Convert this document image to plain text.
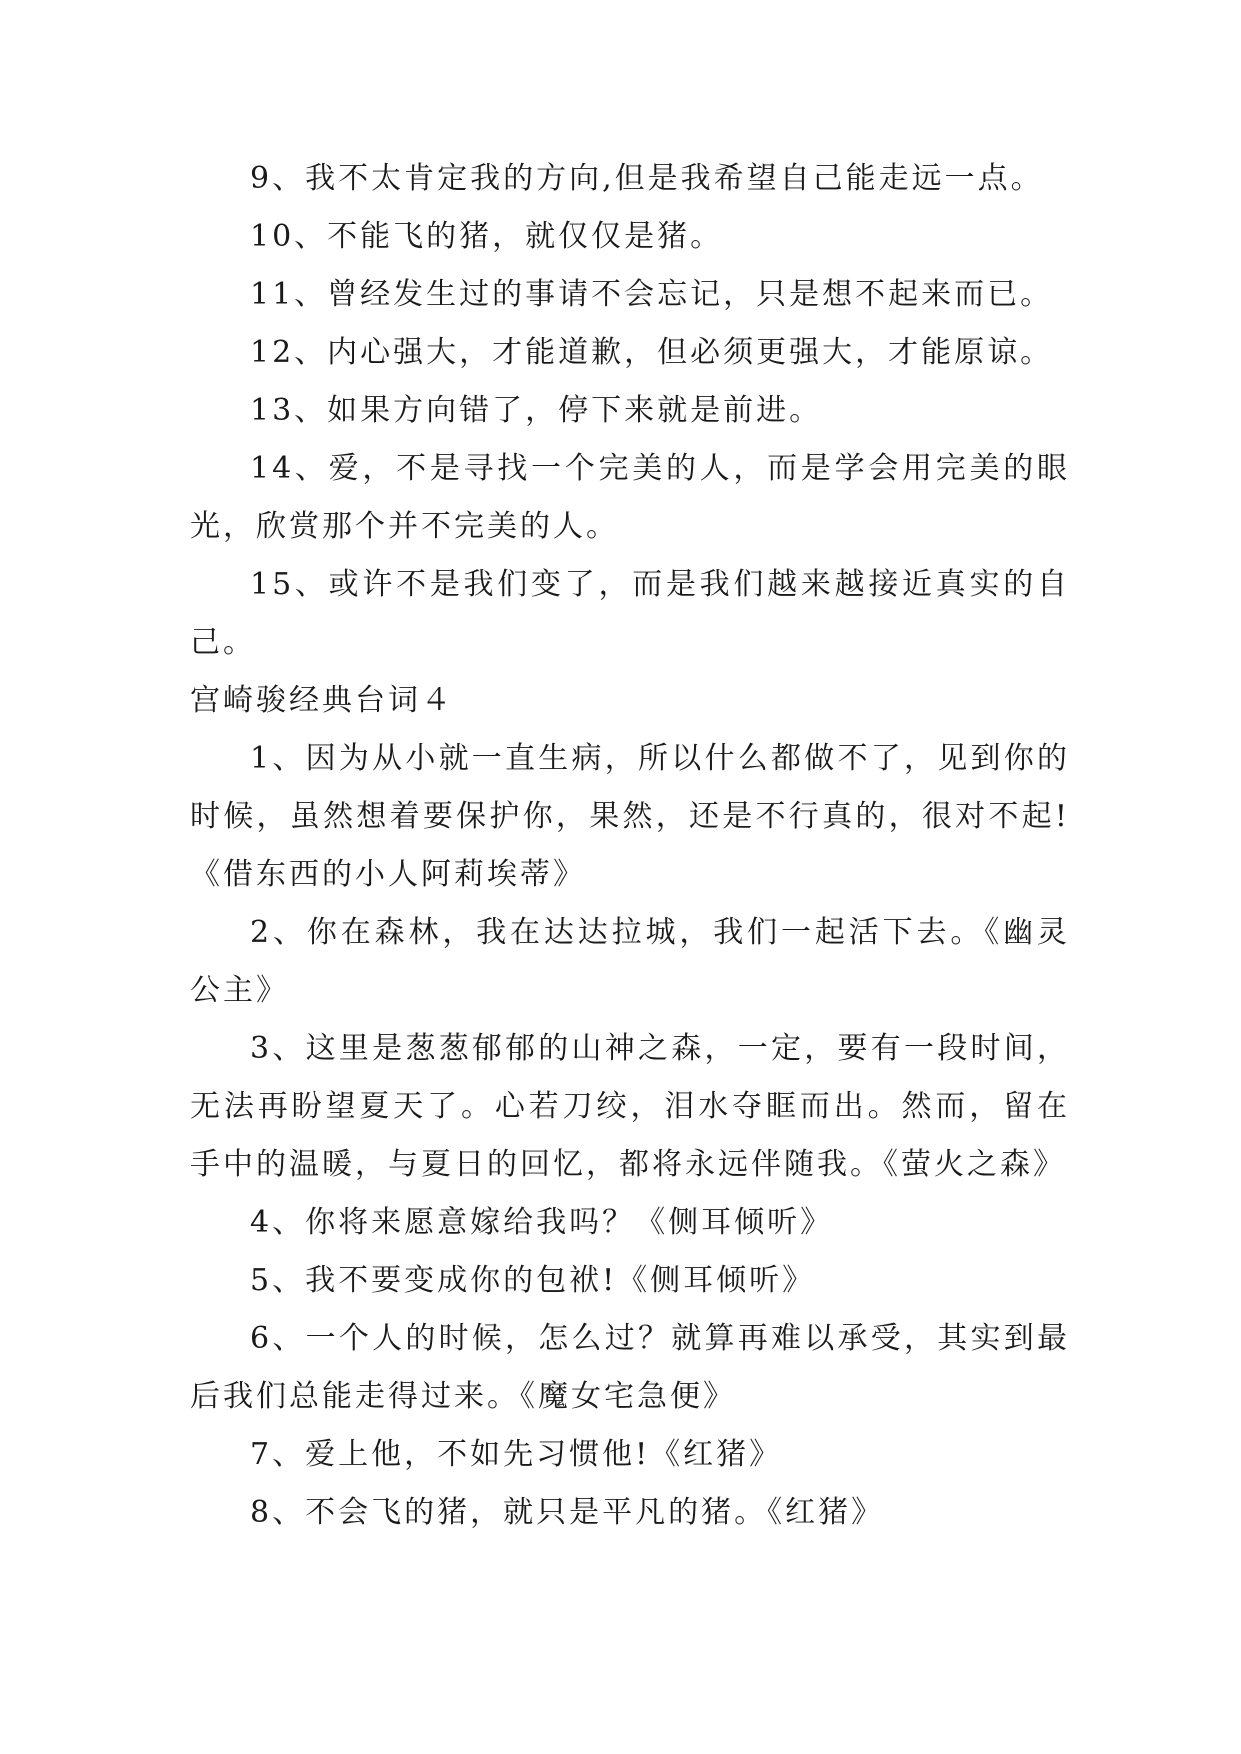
9、我不太肯定我的方向,但是我希望自己能走远一点。
10、不能飞的猪，就仅仅是猪。
11、曾经发生过的事请不会忘记，只是想不起来而已。
12、内心强大，才能道歉，但必须更强大，才能原谅。
13、如果方向错了，停下来就是前进。
14、爱，不是寻找一个完美的人，而是学会用完美的眼光，欣赏那个并不完美的人。
15、或许不是我们变了，而是我们越来越接近真实的自己。
宫崎骏经典台词４
1、因为从小就一直生病，所以什么都做不了，见到你的时候，虽然想着要保护你，果然，还是不行真的，很对不起!《借东西的小人阿莉埃蒂》
2、你在森林，我在达达拉城，我们一起活下去。《幽灵公主》
3、这里是葱葱郁郁的山神之森，一定，要有一段时间，无法再盼望夏天了。心若刀绞，泪水夺眶而出。然而，留在手中的温暖，与夏日的回忆，都将永远伴随我。《萤火之森》
4、你将来愿意嫁给我吗？《侧耳倾听》
5、我不要变成你的包袱!《侧耳倾听》
6、一个人的时候，怎么过？就算再难以承受，其实到最后我们总能走得过来。《魔女宅急便》
7、爱上他，不如先习惯他!《红猪》
8、不会飞的猪，就只是平凡的猪。《红猪》
